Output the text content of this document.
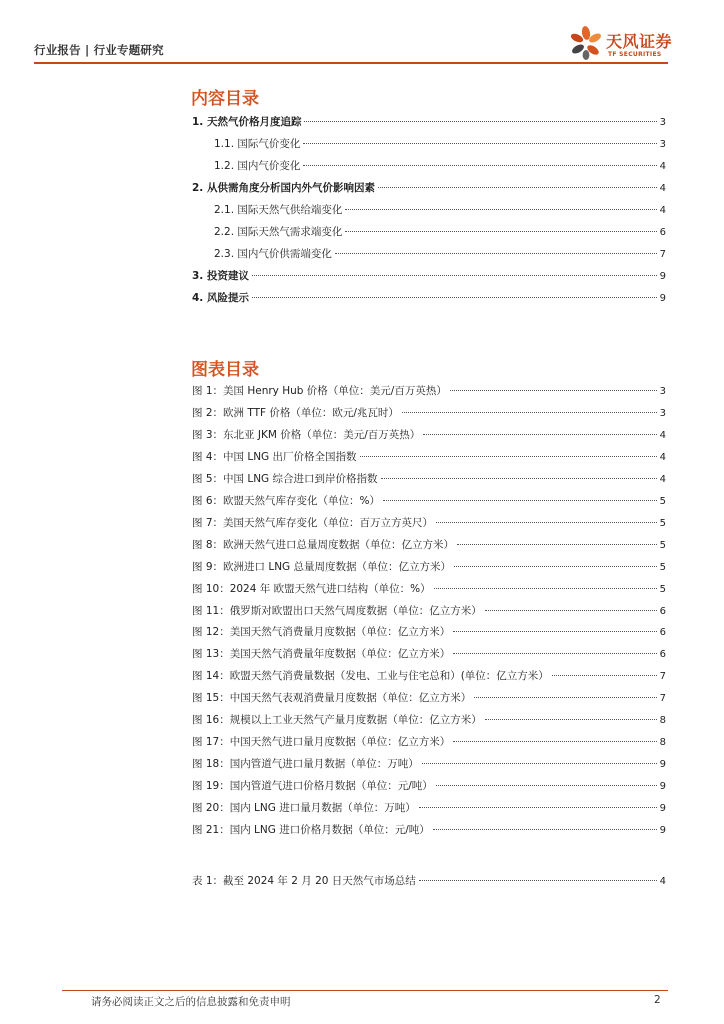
行业报告 | 行业专题研究	天风证券
TF SECURITIES
内容目录
1. 天然气价格月度追踪	3
1.1. 国际气价变化	3
1.2. 国内气价变化	4
2. 从供需角度分析国内外气价影响因素	4
2.1. 国际天然气供给端变化	4
2.2. 国际天然气需求端变化	6
2.3. 国内气价供需端变化	7
3. 投资建议	9
4. 风险提示	9
图表目录
图 1：美国 Henry Hub 价格（单位：美元/百万英热）	3
图 2：欧洲 TTF 价格（单位：欧元/兆瓦时）	3
图 3：东北亚 JKM 价格（单位：美元/百万英热）	4
图 4：中国 LNG 出厂价格全国指数	4
图 5：中国 LNG 综合进口到岸价格指数	4
图 6：欧盟天然气库存变化（单位：%）	5
图 7：美国天然气库存变化（单位：百万立方英尺）	5
图 8：欧洲天然气进口总量周度数据（单位：亿立方米）	5
图 9：欧洲进口 LNG 总量周度数据（单位：亿立方米）	5
图 10：2024 年 欧盟天然气进口结构（单位：%）	5
图 11：俄罗斯对欧盟出口天然气周度数据（单位：亿立方米）	6
图 12：美国天然气消费量月度数据（单位：亿立方米）	6
图 13：美国天然气消费量年度数据（单位：亿立方米）	6
图 14：欧盟天然气消费量数据（发电、工业与住宅总和）(单位：亿立方米）	7
图 15：中国天然气表观消费量月度数据（单位：亿立方米）	7
图 16：规模以上工业天然气产量月度数据（单位：亿立方米）	8
图 17：中国天然气进口量月度数据（单位：亿立方米）	8
图 18：国内管道气进口量月数据（单位：万吨）	9
图 19：国内管道气进口价格月数据（单位：元/吨）	9
图 20：国内 LNG 进口量月数据（单位：万吨）	9
图 21：国内 LNG 进口价格月数据（单位：元/吨）	9
表 1：截至 2024 年 2 月 20 日天然气市场总结	4
请务必阅读正文之后的信息披露和免责申明	2
